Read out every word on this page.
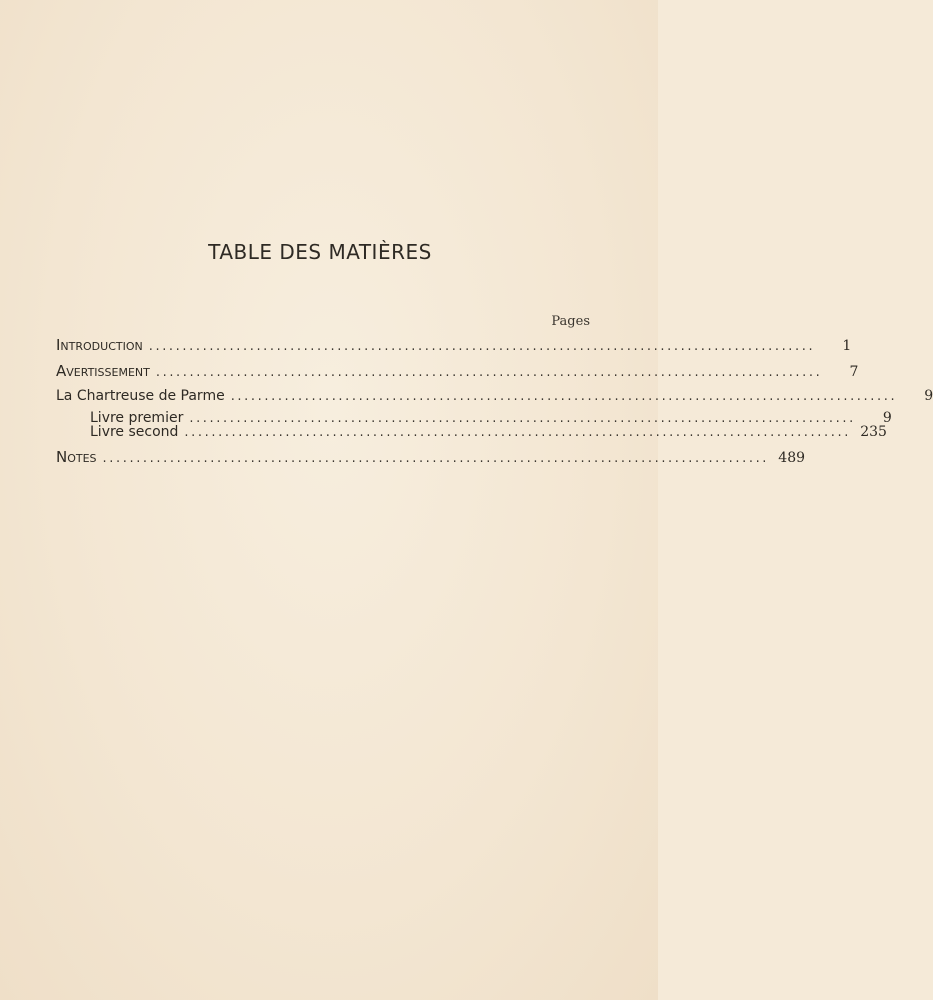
TABLE DES MATIÈRES
Pages
Introduction ...................................................................................................	1
Avertissement ...................................................................................................	7
La Chartreuse de Parme ...................................................................................................	9
Livre premier ...................................................................................................	9
Livre second ................................................................................................... 235
Notes ................................................................................................... 489
